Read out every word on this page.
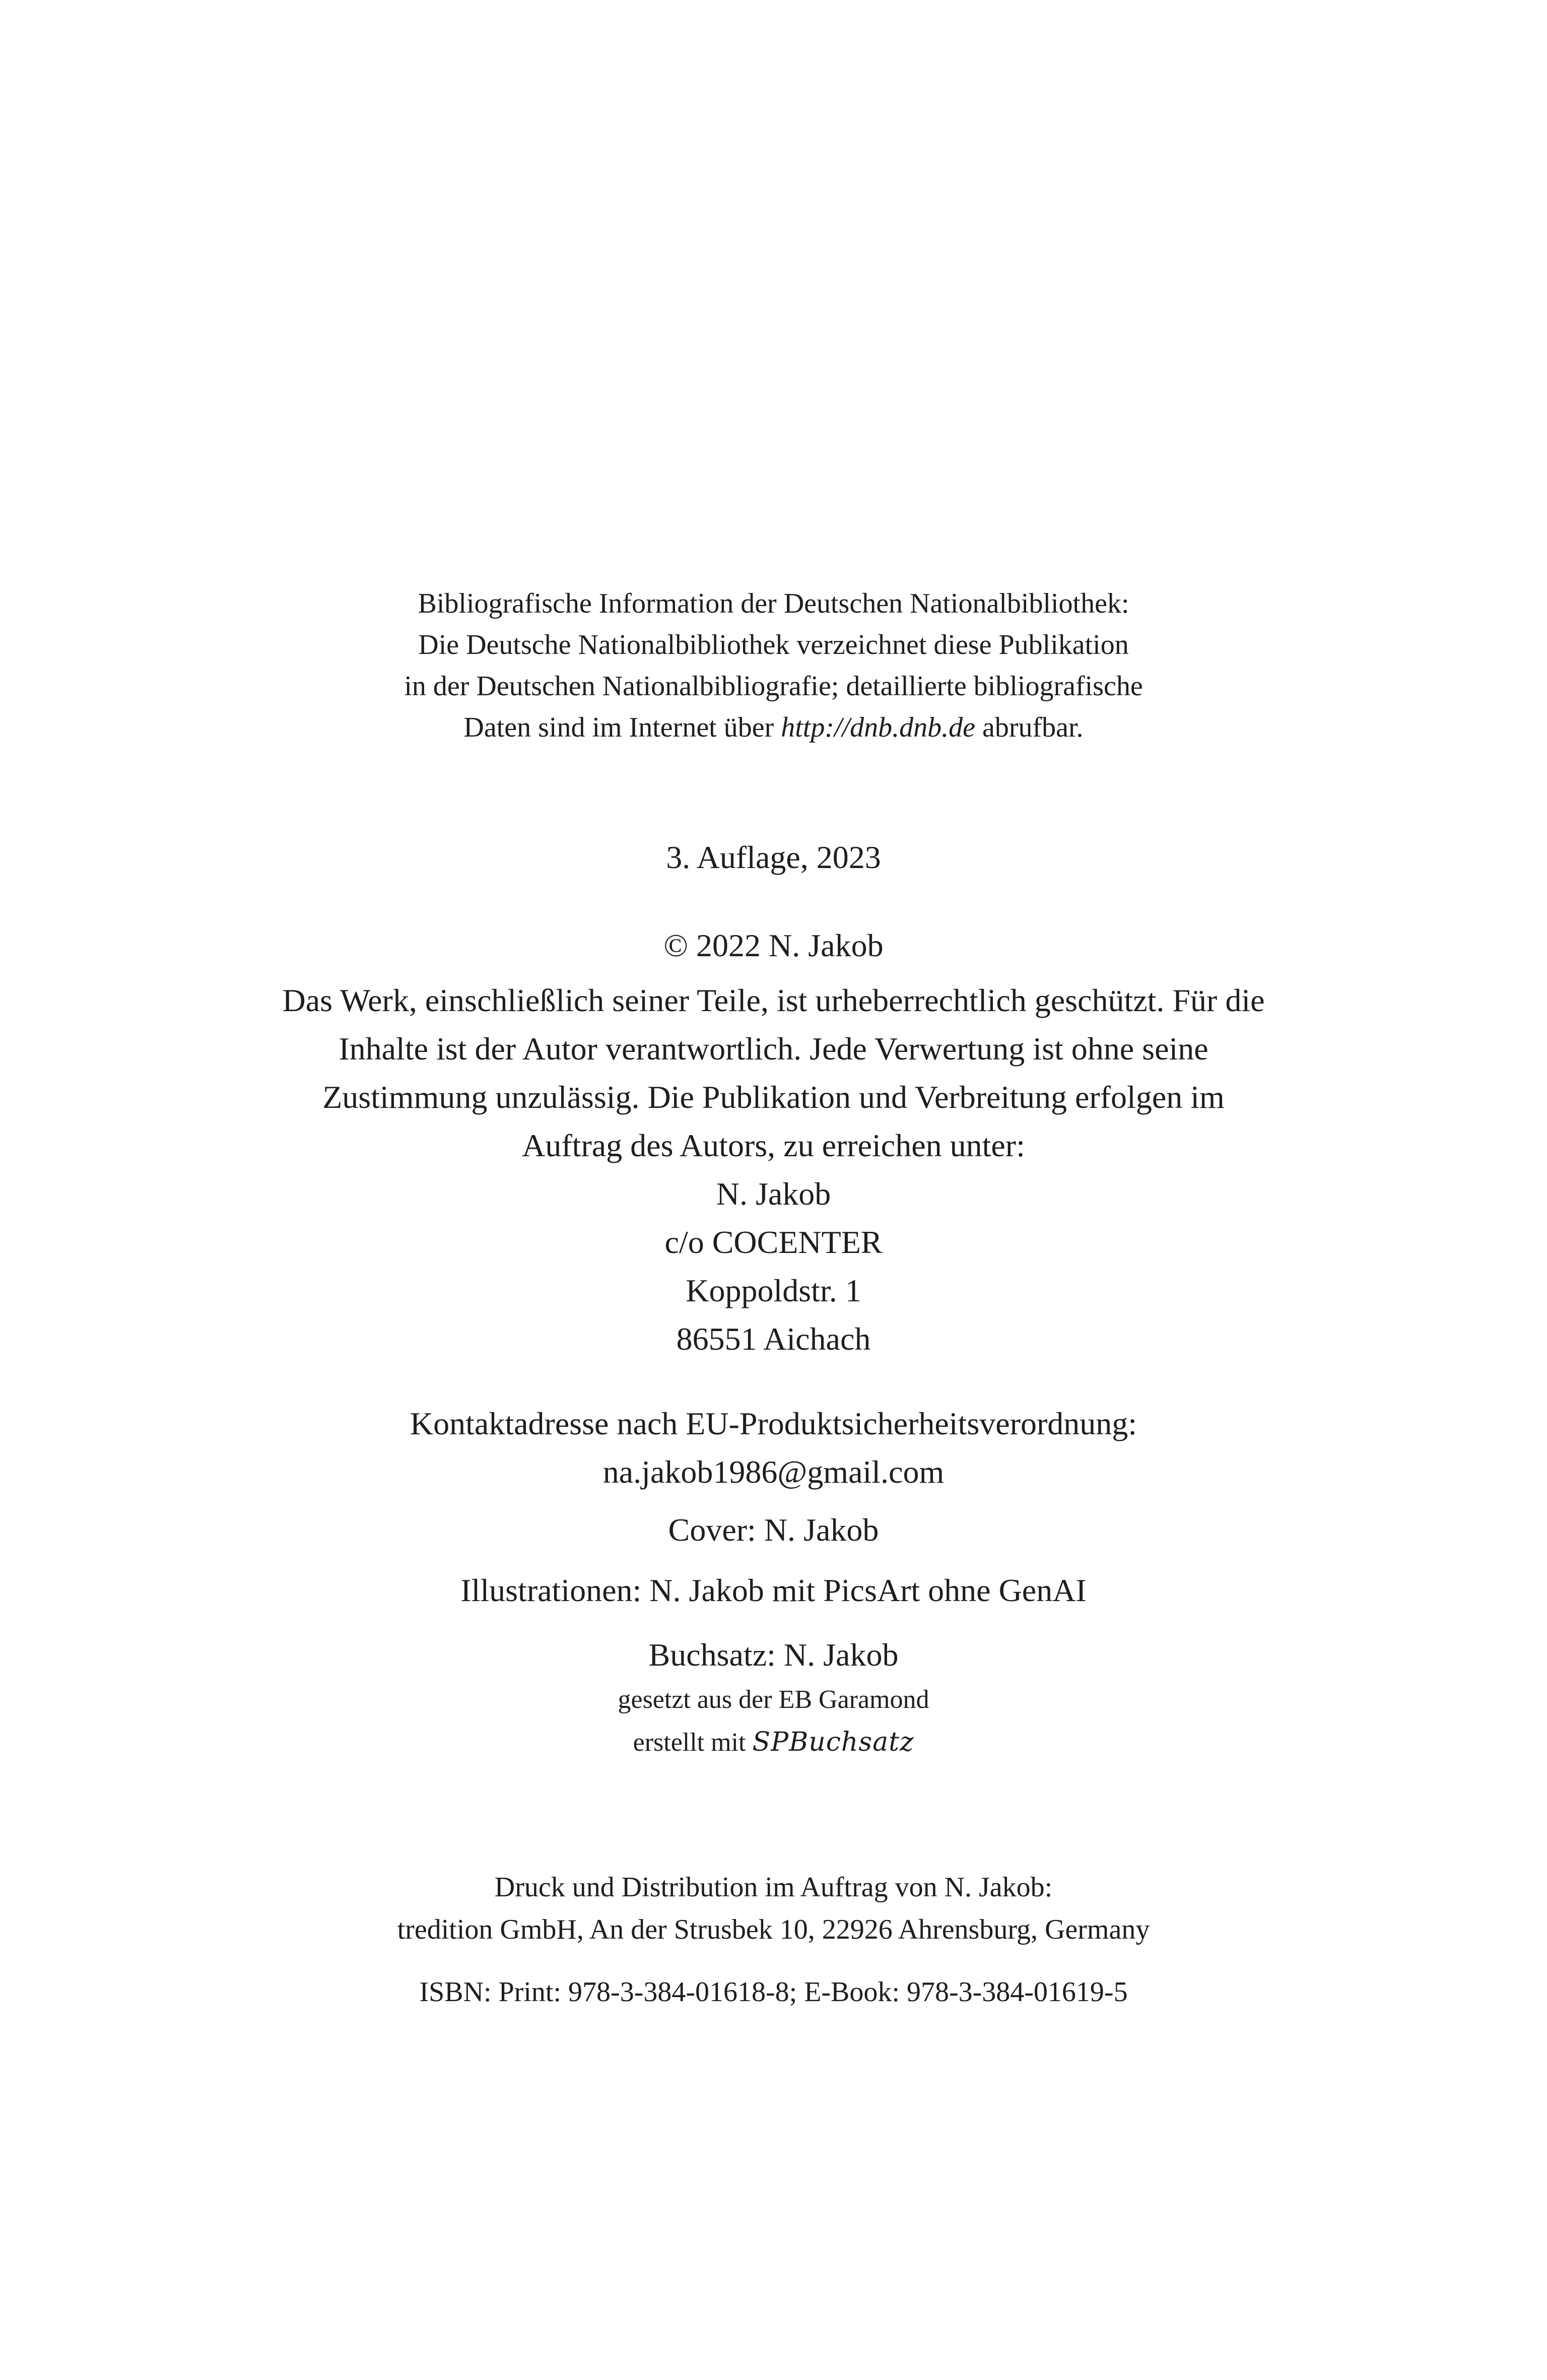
Bibliografische Information der Deutschen Nationalbibliothek:
Die Deutsche Nationalbibliothek verzeichnet diese Publikation
in der Deutschen Nationalbibliografie; detaillierte bibliografische
Daten sind im Internet über http://dnb.dnb.de abrufbar.
3. Auflage, 2023
© 2022 N. Jakob
Das Werk, einschließlich seiner Teile, ist urheberrechtlich geschützt. Für die
Inhalte ist der Autor verantwortlich. Jede Verwertung ist ohne seine
Zustimmung unzulässig. Die Publikation und Verbreitung erfolgen im
Auftrag des Autors, zu erreichen unter:
N. Jakob
c/o COCENTER
Koppoldstr. 1
86551 Aichach
Kontaktadresse nach EU-Produktsicherheitsverordnung:
na.jakob1986@gmail.com
Cover: N. Jakob
Illustrationen: N. Jakob mit PicsArt ohne GenAI
Buchsatz: N. Jakob
gesetzt aus der EB Garamond
erstellt mit SPBuchsatz
Druck und Distribution im Auftrag von N. Jakob:
tredition GmbH, An der Strusbek 10, 22926 Ahrensburg, Germany
ISBN: Print: 978-3-384-01618-8; E-Book: 978-3-384-01619-5
